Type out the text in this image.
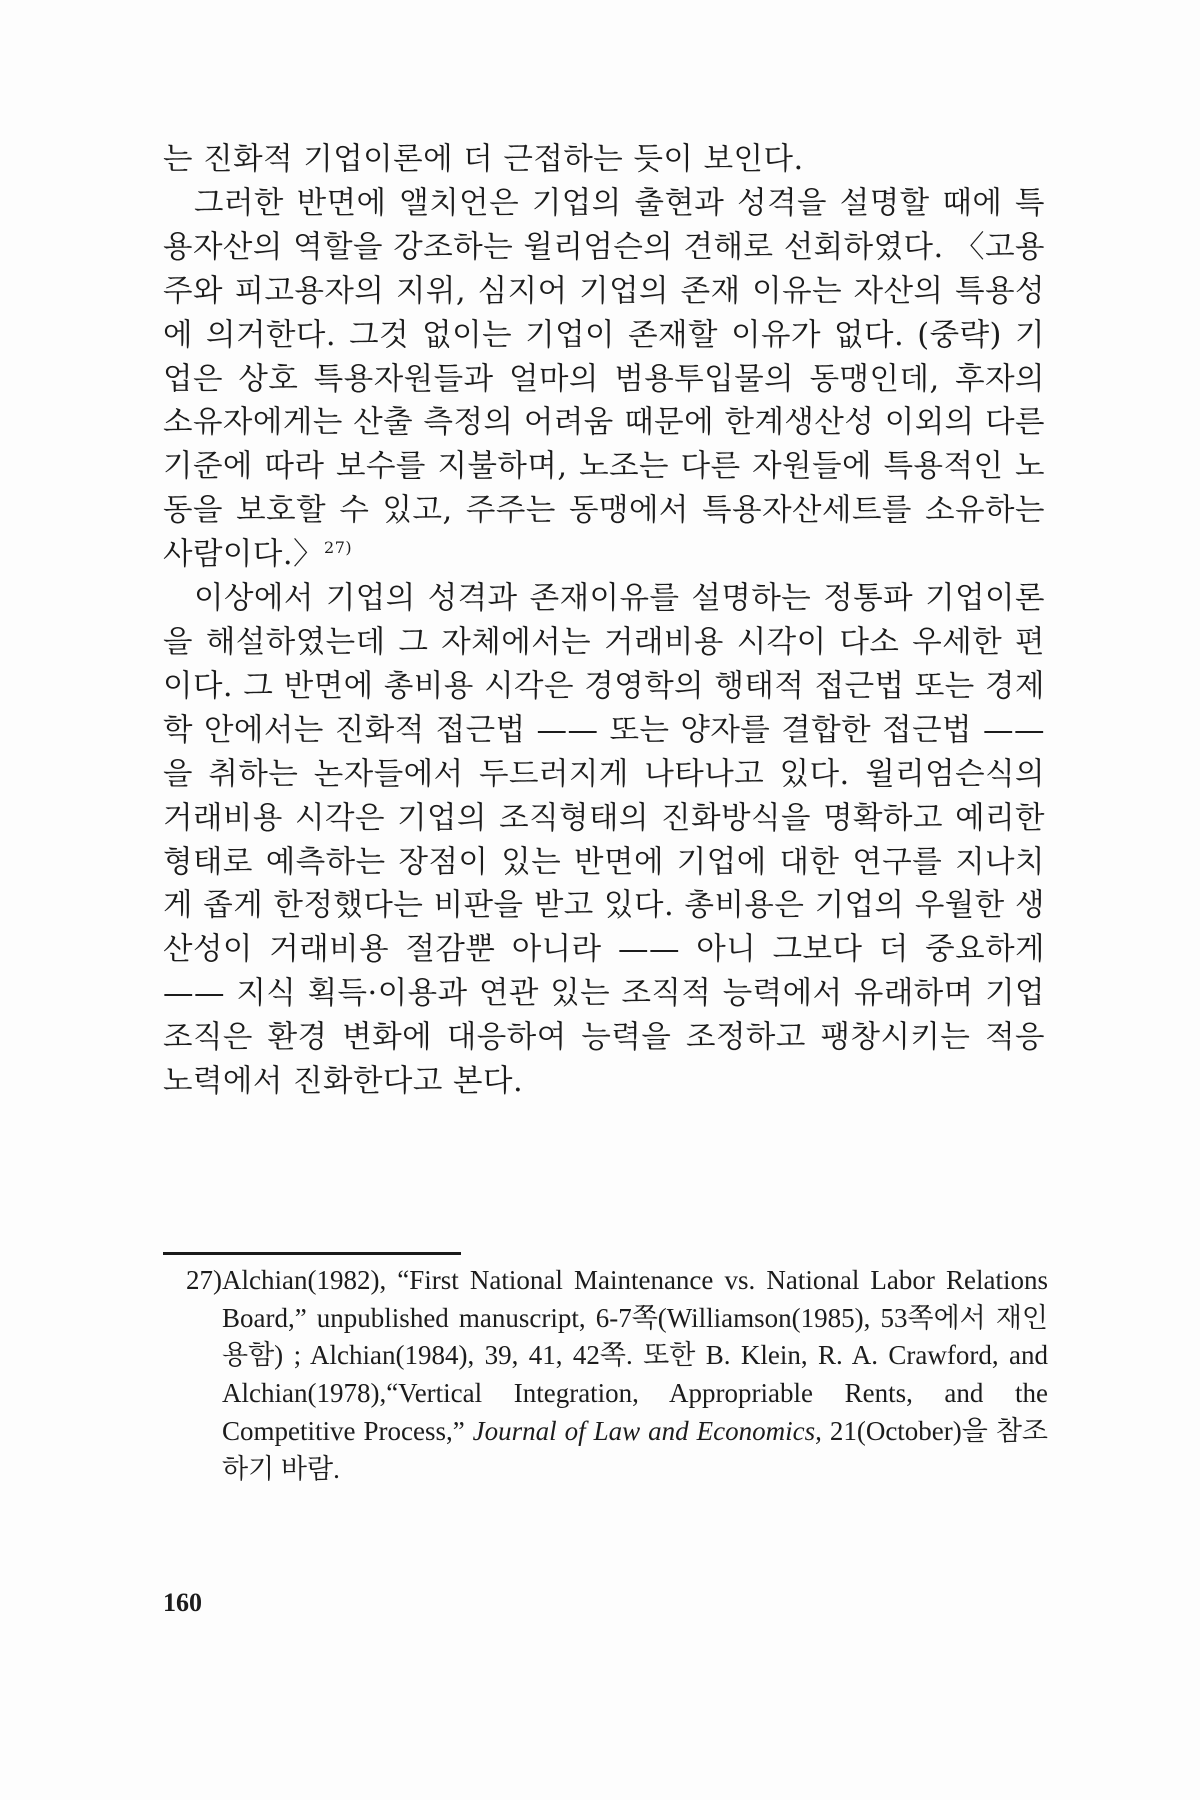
는 진화적 기업이론에 더 근접하는 듯이 보인다.

그러한 반면에 앨치언은 기업의 출현과 성격을 설명할 때에 특용자산의 역할을 강조하는 윌리엄슨의 견해로 선회하였다. 〈고용주와 피고용자의 지위, 심지어 기업의 존재 이유는 자산의 특용성에 의거한다. 그것 없이는 기업이 존재할 이유가 없다. (중략) 기업은 상호 특용자원들과 얼마의 범용투입물의 동맹인데, 후자의 소유자에게는 산출 측정의 어려움 때문에 한계생산성 이외의 다른 기준에 따라 보수를 지불하며, 노조는 다른 자원들에 특용적인 노동을 보호할 수 있고, 주주는 동맹에서 특용자산세트를 소유하는 사람이다.〉$^{27)}$

이상에서 기업의 성격과 존재이유를 설명하는 정통파 기업이론을 해설하였는데 그 자체에서는 거래비용 시각이 다소 우세한 편이다. 그 반면에 총비용 시각은 경영학의 행태적 접근법 또는 경제학 안에서는 진화적 접근법 —— 또는 양자를 결합한 접근법 —— 을 취하는 논자들에서 두드러지게 나타나고 있다. 윌리엄슨식의 거래비용 시각은 기업의 조직형태의 진화방식을 명확하고 예리한 형태로 예측하는 장점이 있는 반면에 기업에 대한 연구를 지나치게 좁게 한정했다는 비판을 받고 있다. 총비용은 기업의 우월한 생산성이 거래비용 절감뿐 아니라 —— 아니 그보다 더 중요하게 —— 지식 획득·이용과 연관 있는 조직적 능력에서 유래하며 기업조직은 환경 변화에 대응하여 능력을 조정하고 팽창시키는 적응 노력에서 진화한다고 본다.

27) Alchian(1982), “First National Maintenance vs. National Labor Relations Board,” unpublished manuscript, 6-7쪽(Williamson(1985), 53쪽에서 재인용함) ; Alchian(1984), 39, 41, 42쪽. 또한 B. Klein, R. A. Crawford, and Alchian(1978),“Vertical Integration, Appropriable Rents, and the Competitive Process,” Journal of Law and Economics, 21(October)을 참조하기 바람.
160
